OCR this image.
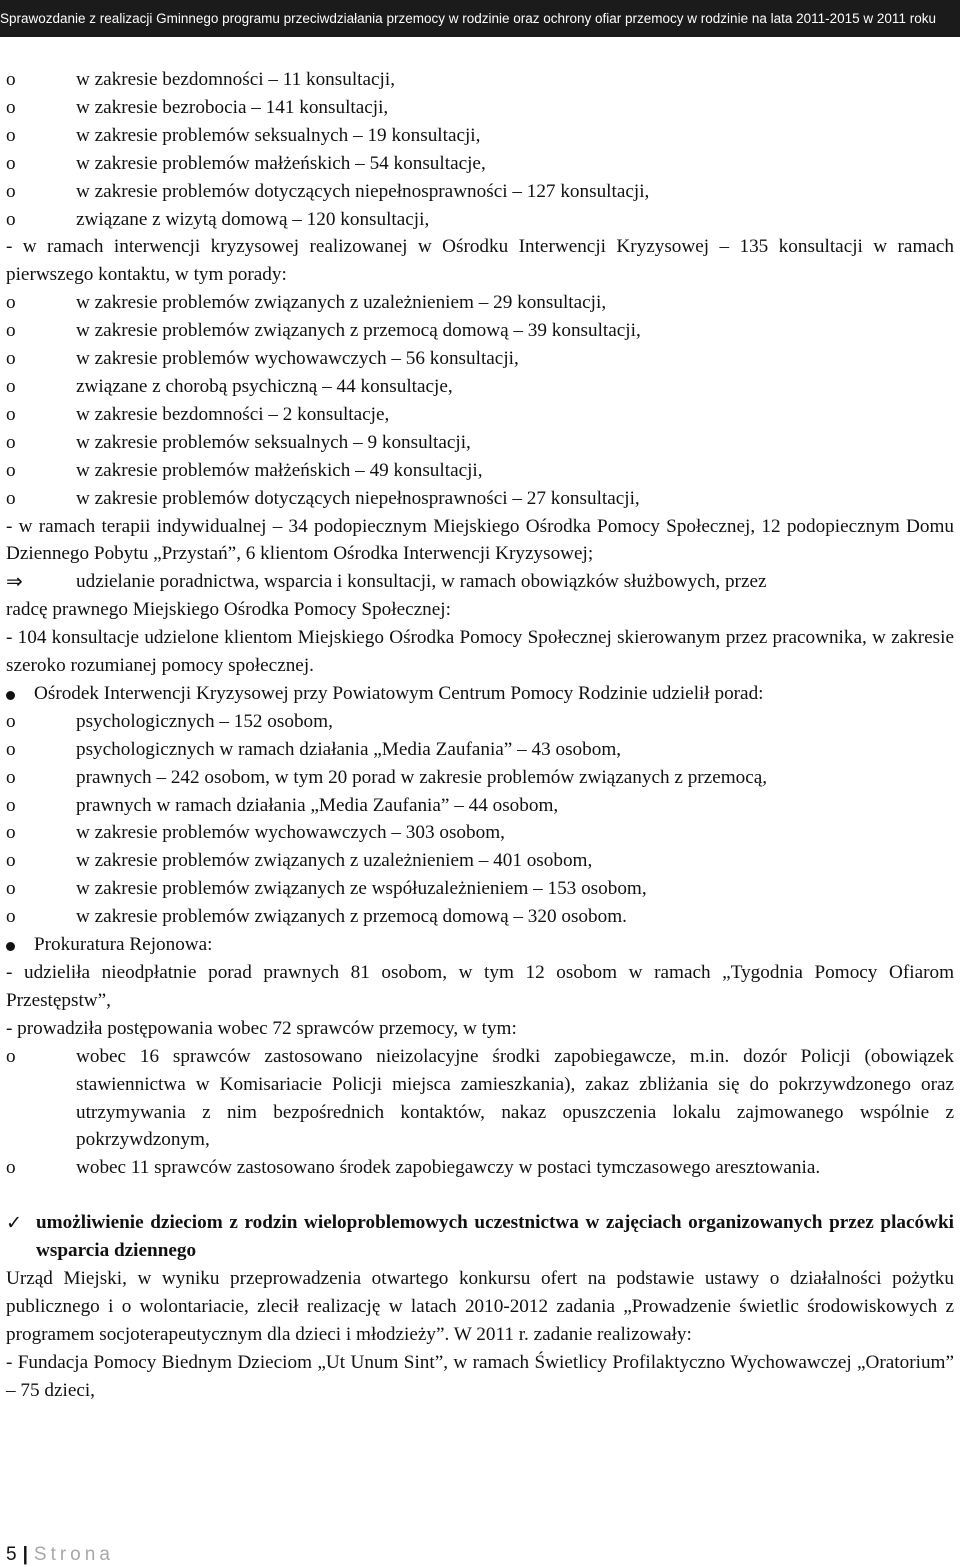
Sprawozdanie z realizacji Gminnego programu przeciwdziałania przemocy w rodzinie oraz ochrony ofiar przemocy w rodzinie na lata 2011-2015 w 2011 roku
o	w zakresie bezdomności – 11 konsultacji,
o	w zakresie bezrobocia – 141 konsultacji,
o	w zakresie problemów seksualnych – 19 konsultacji,
o	w zakresie problemów małżeńskich – 54 konsultacje,
o	w zakresie problemów dotyczących niepełnosprawności – 127 konsultacji,
o	związane z wizytą domową – 120 konsultacji,

- w ramach interwencji kryzysowej realizowanej w Ośrodku Interwencji Kryzysowej – 135 konsultacji w ramach pierwszego kontaktu, w tym porady:

o	w zakresie problemów związanych z uzależnieniem – 29 konsultacji,
o	w zakresie problemów związanych z przemocą domową – 39 konsultacji,
o	w zakresie problemów wychowawczych – 56 konsultacji,
o	związane z chorobą psychiczną – 44 konsultacje,
o	w zakresie bezdomności – 2 konsultacje,
o	w zakresie problemów seksualnych – 9 konsultacji,
o	w zakresie problemów małżeńskich – 49 konsultacji,
o	w zakresie problemów dotyczących niepełnosprawności – 27 konsultacji,

- w ramach terapii indywidualnej – 34 podopiecznym Miejskiego Ośrodka Pomocy Społecznej, 12 podopiecznym Domu Dziennego Pobytu „Przystań”, 6 klientom Ośrodka Interwencji Kryzysowej;

⇒	udzielanie poradnictwa, wsparcia i konsultacji, w ramach obowiązków służbowych, przez

radcę prawnego Miejskiego Ośrodka Pomocy Społecznej:

- 104 konsultacje udzielone klientom Miejskiego Ośrodka Pomocy Społecznej skierowanym przez pracownika, w zakresie szeroko rozumianej pomocy społecznej.

Ośrodek Interwencji Kryzysowej przy Powiatowym Centrum Pomocy Rodzinie udzielił porad:

o	psychologicznych – 152 osobom,
o	psychologicznych w ramach działania „Media Zaufania” – 43 osobom,
o	prawnych – 242 osobom, w tym 20 porad w zakresie problemów związanych z przemocą,
o	prawnych w ramach działania „Media Zaufania” – 44 osobom,
o	w zakresie problemów wychowawczych – 303 osobom,
o	w zakresie problemów związanych z uzależnieniem – 401 osobom,
o	w zakresie problemów związanych ze współuzależnieniem – 153 osobom,
o	w zakresie problemów związanych z przemocą domową – 320 osobom.

Prokuratura Rejonowa:

- udzieliła nieodpłatnie porad prawnych 81 osobom, w tym 12 osobom w ramach „Tygodnia Pomocy Ofiarom Przestępstw”,

- prowadziła postępowania wobec 72 sprawców przemocy, w tym:

o	wobec 16 sprawców zastosowano nieizolacyjne środki zapobiegawcze, m.in. dozór Policji (obowiązek stawiennictwa w Komisariacie Policji miejsca zamieszkania), zakaz zbliżania się do pokrzywdzonego oraz utrzymywania z nim bezpośrednich kontaktów, nakaz opuszczenia lokalu zajmowanego wspólnie z pokrzywdzonym,
o	wobec 11 sprawców zastosowano środek zapobiegawczy w postaci tymczasowego aresztowania.

✓ umożliwienie dzieciom z rodzin wieloproblemowych uczestnictwa w zajęciach organizowanych przez placówki wsparcia dziennego

Urząd Miejski, w wyniku przeprowadzenia otwartego konkursu ofert na podstawie ustawy o działalności pożytku publicznego i o wolontariacie, zlecił realizację w latach 2010-2012 zadania „Prowadzenie świetlic środowiskowych z programem socjoterapeutycznym dla dzieci i młodzieży”. W 2011 r. zadanie realizowały:

- Fundacja Pomocy Biednym Dzieciom „Ut Unum Sint”, w ramach Świetlicy Profilaktyczno Wychowawczej „Oratorium” – 75 dzieci,

5 | Strona
